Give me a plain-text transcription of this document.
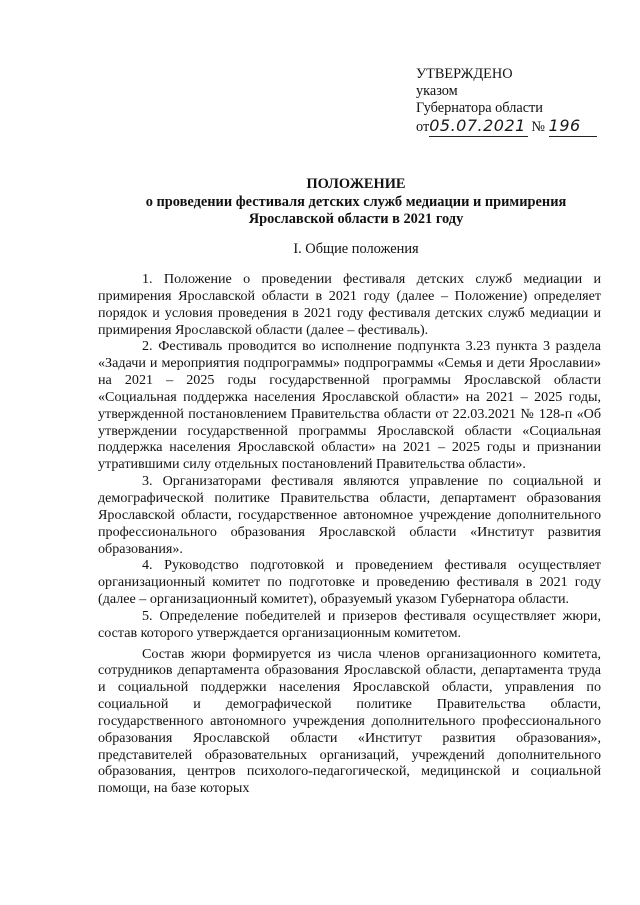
УТВЕРЖДЕНО
указом
Губернатора области
от05.07.2021 № 196
ПОЛОЖЕНИЕ
о проведении фестиваля детских служб медиации и примирения
Ярославской области в 2021 году
I. Общие положения

1. Положение о проведении фестиваля детских служб медиации и примирения Ярославской области в 2021 году (далее – Положение) определяет порядок и условия проведения в 2021 году фестиваля детских служб медиации и примирения Ярославской области (далее – фестиваль).

2. Фестиваль проводится во исполнение подпункта 3.23 пункта 3 раздела «Задачи и мероприятия подпрограммы» подпрограммы «Семья и дети Ярославии» на 2021 – 2025 годы государственной программы Ярославской области «Социальная поддержка населения Ярославской области» на 2021 – 2025 годы, утвержденной постановлением Правительства области от 22.03.2021 № 128-п «Об утверждении государственной программы Ярославской области «Социальная поддержка населения Ярославской области» на 2021 – 2025 годы и признании утратившими силу отдельных постановлений Правительства области».

3. Организаторами фестиваля являются управление по социальной и демографической политике Правительства области, департамент образования Ярославской области, государственное автономное учреждение дополнительного профессионального образования Ярославской области «Институт развития образования».

4. Руководство подготовкой и проведением фестиваля осуществляет организационный комитет по подготовке и проведению фестиваля в 2021 году (далее – организационный комитет), образуемый указом Губернатора области.

5. Определение победителей и призеров фестиваля осуществляет жюри, состав которого утверждается организационным комитетом.

Состав жюри формируется из числа членов организационного комитета, сотрудников департамента образования Ярославской области, департамента труда и социальной поддержки населения Ярославской области, управления по социальной и демографической политике Правительства области, государственного автономного учреждения дополнительного профессионального образования Ярославской области «Институт развития образования», представителей образовательных организаций, учреждений дополнительного образования, центров психолого-педагогической, медицинской и социальной помощи, на базе которых
